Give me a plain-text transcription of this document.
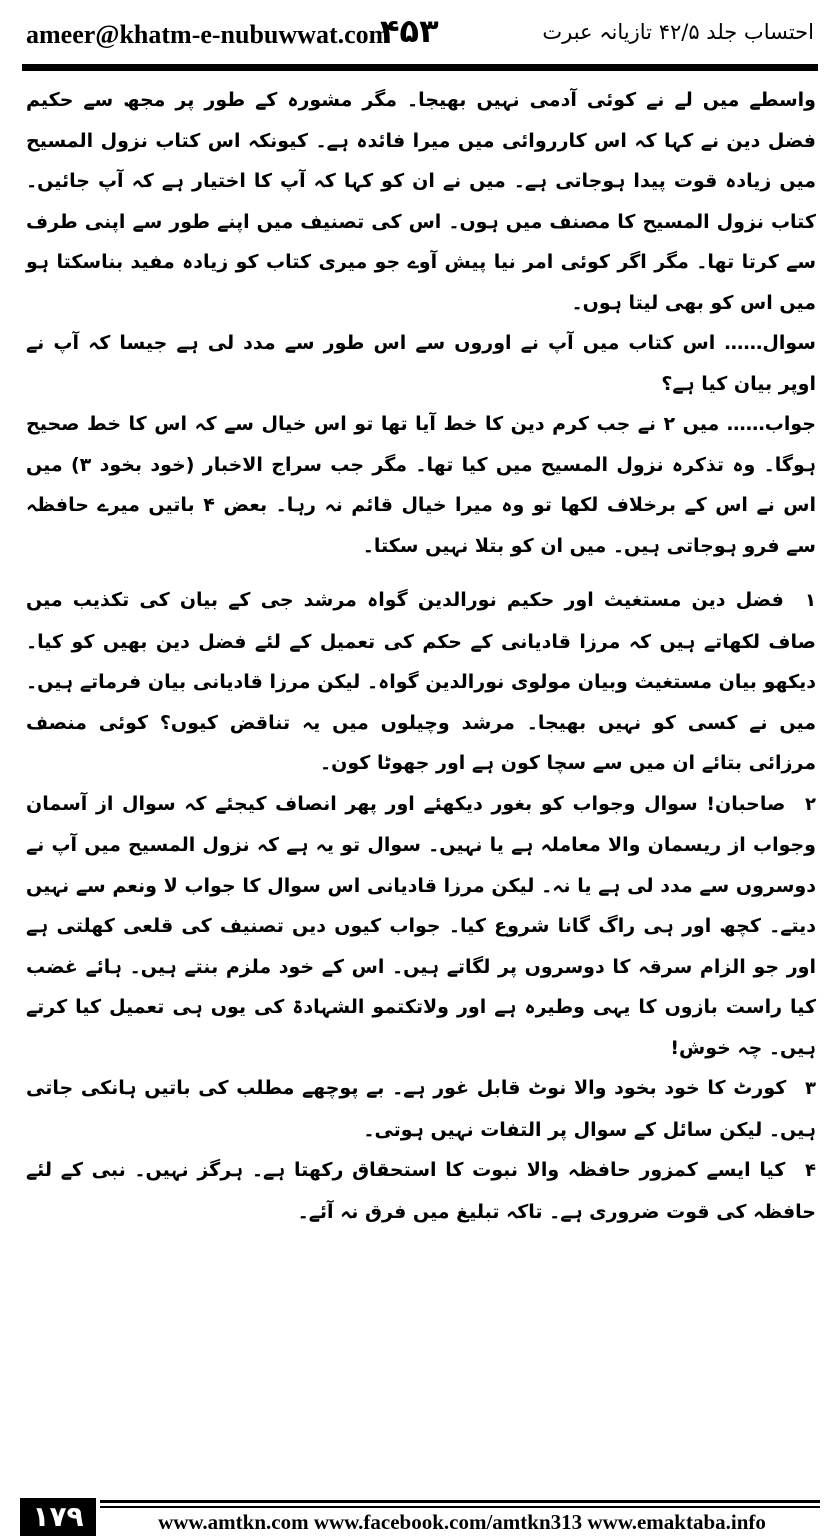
ameer@khatm-e-nubuwwat.com
۴۵۳	احتساب جلد ۴۲/۵ تازیانہ عبرت

واسطے میں لے نے کوئی آدمی نہیں بھیجا۔ مگر مشورہ کے طور پر مجھ سے حکیم فضل دین نے کہا کہ اس کارروائی میں میرا فائدہ ہے۔ کیونکہ اس کتاب نزول المسیح میں زیادہ قوت پیدا ہوجاتی ہے۔ میں نے ان کو کہا کہ آپ کا اختیار ہے کہ آپ جائیں۔ کتاب نزول المسیح کا مصنف میں ہوں۔ اس کی تصنیف میں اپنے طور سے اپنی طرف سے کرتا تھا۔ مگر اگر کوئی امر نیا پیش آوے جو میری کتاب کو زیادہ مفید بناسکتا ہو میں اس کو بھی لیتا ہوں۔

سوال…… اس کتاب میں آپ نے اوروں سے اس طور سے مدد لی ہے جیسا کہ آپ نے اوپر بیان کیا ہے؟

جواب…… میں ۲ نے جب کرم دین کا خط آیا تھا تو اس خیال سے کہ اس کا خط صحیح ہوگا۔ وہ تذکرہ نزول المسیح میں کیا تھا۔ مگر جب سراج الاخبار (خود بخود ۳) میں اس نے اس کے برخلاف لکھا تو وہ میرا خیال قائم نہ رہا۔ بعض ۴ باتیں میرے حافظہ سے فرو ہوجاتی ہیں۔ میں ان کو بتلا نہیں سکتا۔

۱ فضل دین مستغیث اور حکیم نورالدین گواہ مرشد جی کے بیان کی تکذیب میں صاف لکھاتے ہیں کہ مرزا قادیانی کے حکم کی تعمیل کے لئے فضل دین بھیں کو کیا۔ دیکھو بیان مستغیث وبیان مولوی نورالدین گواہ۔ لیکن مرزا قادیانی بیان فرماتے ہیں۔ میں نے کسی کو نہیں بھیجا۔ مرشد وچیلوں میں یہ تناقض کیوں؟ کوئی منصف مرزائی بتائے ان میں سے سچا کون ہے اور جھوٹا کون۔

۲ صاحبان! سوال وجواب کو بغور دیکھئے اور پھر انصاف کیجئے کہ سوال از آسمان وجواب از ریسمان والا معاملہ ہے یا نہیں۔ سوال تو یہ ہے کہ نزول المسیح میں آپ نے دوسروں سے مدد لی ہے یا نہ۔ لیکن مرزا قادیانی اس سوال کا جواب لا ونعم سے نہیں دیتے۔ کچھ اور ہی راگ گانا شروع کیا۔ جواب کیوں دیں تصنیف کی قلعی کھلتی ہے اور جو الزام سرقہ کا دوسروں پر لگاتے ہیں۔ اس کے خود ملزم بنتے ہیں۔ ہائے غضب کیا راست بازوں کا یہی وطیرہ ہے اور ولاتکتمو الشہادۃ کی یوں ہی تعمیل کیا کرتے ہیں۔ چہ خوش!

۳ کورٹ کا خود بخود والا نوٹ قابل غور ہے۔ بے پوچھے مطلب کی باتیں ہانکی جاتی ہیں۔ لیکن سائل کے سوال پر التفات نہیں ہوتی۔

۴ کیا ایسے کمزور حافظہ والا نبوت کا استحقاق رکھتا ہے۔ ہرگز نہیں۔ نبی کے لئے حافظہ کی قوت ضروری ہے۔ تاکہ تبلیغ میں فرق نہ آئے۔

۱۷۹	www.amtkn.com www.facebook.com/amtkn313 www.emaktaba.info
